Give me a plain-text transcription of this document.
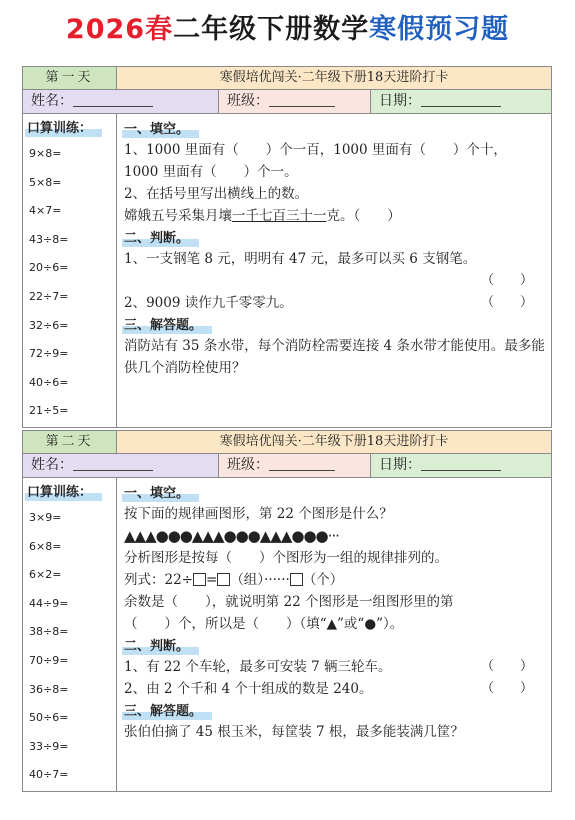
2026春二年级下册数学寒假预习题
第一天	寒假培优闯关·二年级下册18天进阶打卡
姓名：	班级：	日期：
口算训练：
9×8=
5×8=
4×7=
43÷8=
20÷6=
22÷7=
32÷6=
72÷9=
40÷6=
21÷5=
一、填空。
1、1000 里面有（　　）个一百，1000 里面有（　　）个十，
1000 里面有（　　）个一。
2、在括号里写出横线上的数。
嫦娥五号采集月壤一千七百三十一克。（　　）
二、判断。
1、一支钢笔 8 元，明明有 47 元，最多可以买 6 支钢笔。
（　　）
2、9009 读作九千零零九。	（　　）
三、解答题。
消防站有 35 条水带，每个消防栓需要连接 4 条水带才能使用。最多能供几个消防栓使用？
第二天	寒假培优闯关·二年级下册18天进阶打卡
姓名：	班级：	日期：
口算训练：
3×9=
6×8=
6×2=
44÷9=
38÷8=
70÷9=
36÷8=
50÷6=
33÷9=
40÷7=
一、填空。
按下面的规律画图形，第 22 个图形是什么？
▲▲▲●●●▲▲▲●●●▲▲▲●●●···
分析图形是按每（　　）个图形为一组的规律排列的。
列式：22÷ = （组）······ （个）
余数是（　　），就说明第 22 个图形是一组图形里的第
（　　）个，所以是（　　）（填“▲”或“●”）。
二、判断。
1、有 22 个车轮，最多可安装 7 辆三轮车。	（　　）
2、由 2 个千和 4 个十组成的数是 240。	（　　）
三、解答题。
张伯伯摘了 45 根玉米，每筐装 7 根，最多能装满几筐？
